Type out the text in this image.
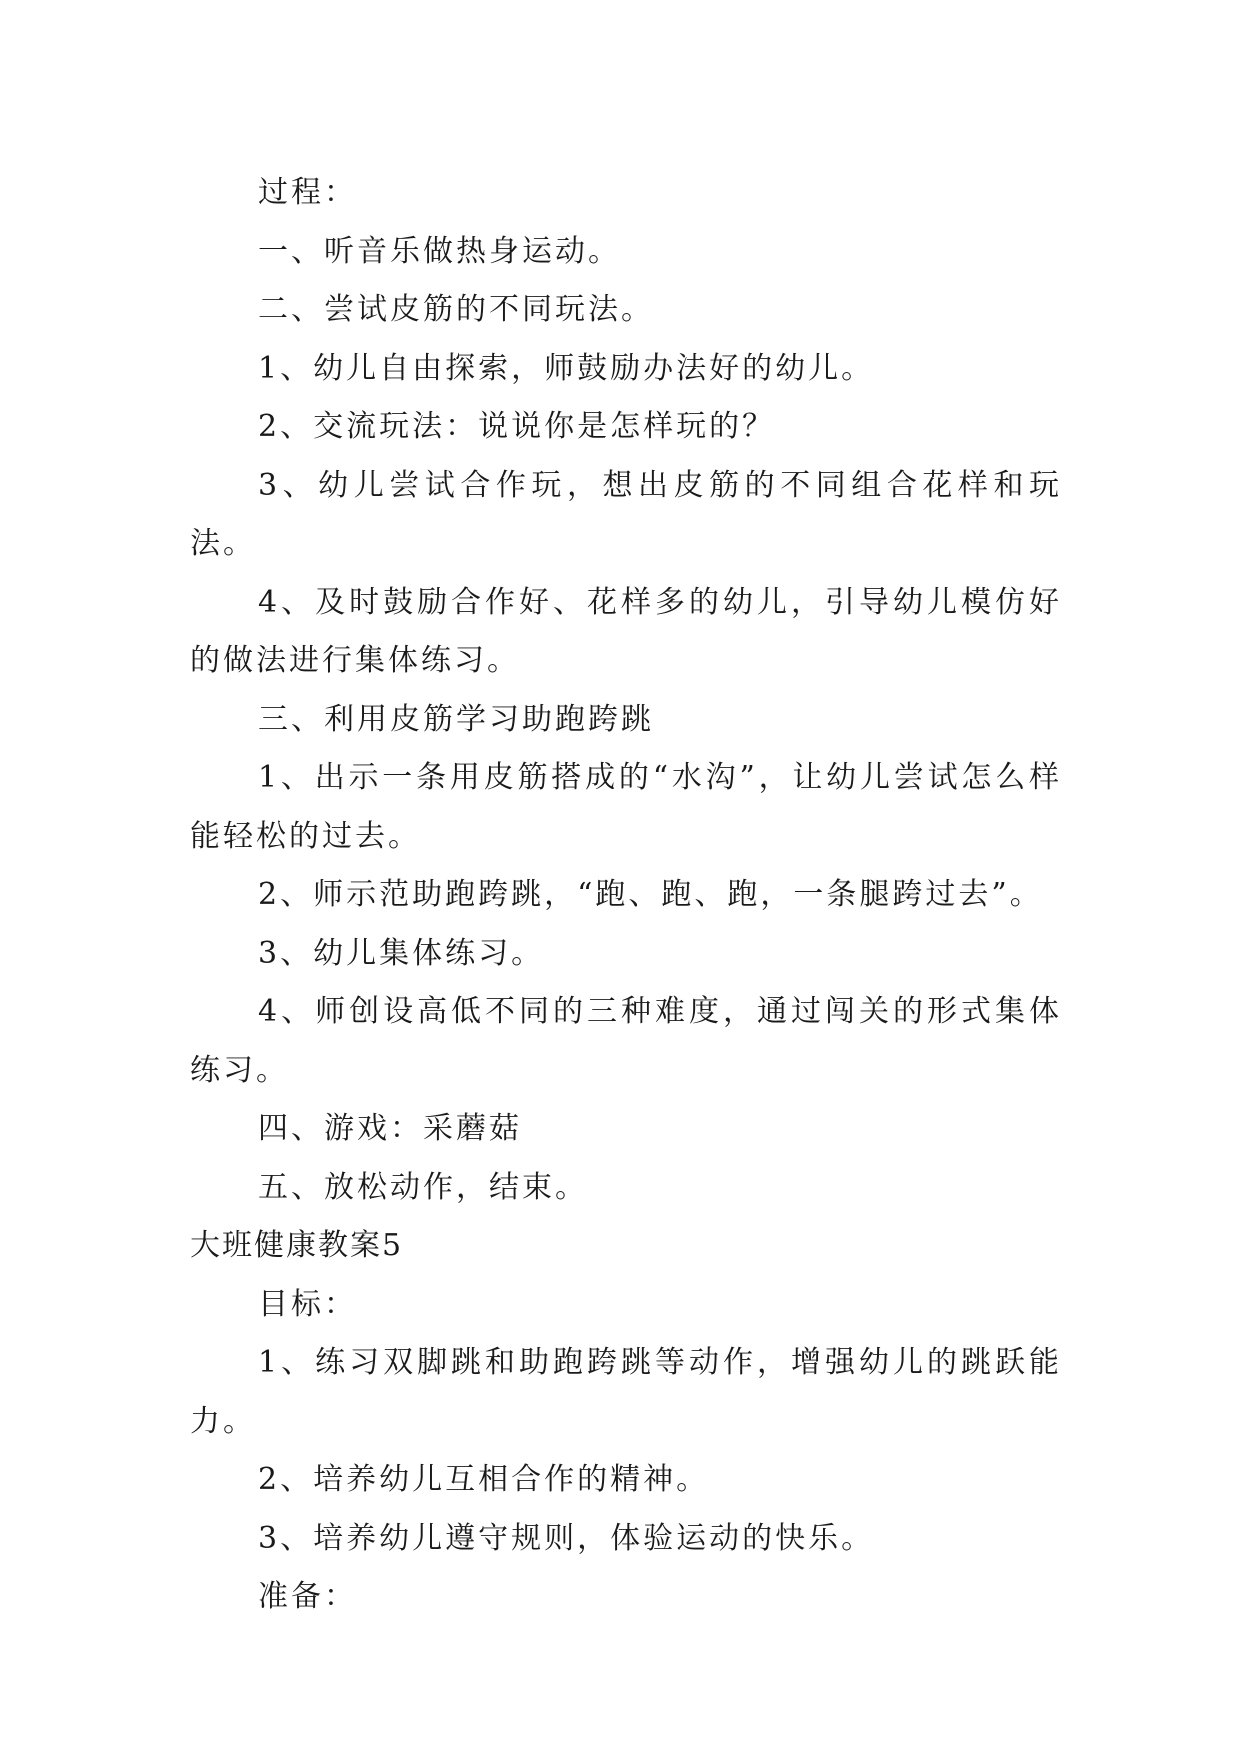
过程：

一、听音乐做热身运动。

二、尝试皮筋的不同玩法。

1、幼儿自由探索，师鼓励办法好的幼儿。

2、交流玩法：说说你是怎样玩的？

3、幼儿尝试合作玩，想出皮筋的不同组合花样和玩法。

4、及时鼓励合作好、花样多的幼儿，引导幼儿模仿好的做法进行集体练习。

三、利用皮筋学习助跑跨跳

1、出示一条用皮筋搭成的“水沟”，让幼儿尝试怎么样能轻松的过去。

2、师示范助跑跨跳，“跑、跑、跑，一条腿跨过去”。

3、幼儿集体练习。

4、师创设高低不同的三种难度，通过闯关的形式集体练习。

四、游戏：采蘑菇

五、放松动作，结束。

大班健康教案5

目标：

1、练习双脚跳和助跑跨跳等动作，增强幼儿的跳跃能力。

2、培养幼儿互相合作的精神。

3、培养幼儿遵守规则，体验运动的快乐。

准备：
